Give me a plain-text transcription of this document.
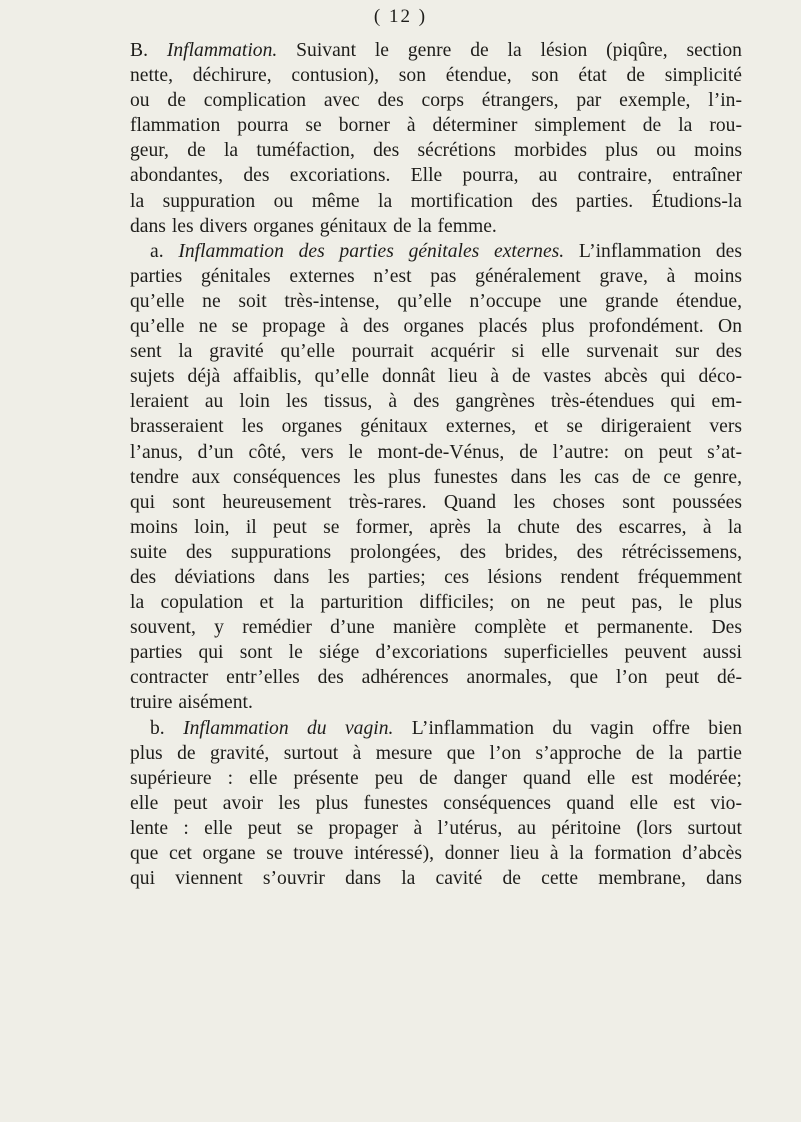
( 12 )
B. Inflammation. Suivant le genre de la lésion (piqûre, section
nette, déchirure, contusion), son étendue, son état de simplicité
ou de complication avec des corps étrangers, par exemple, l’in-
flammation pourra se borner à déterminer simplement de la rou-
geur, de la tuméfaction, des sécrétions morbides plus ou moins
abondantes, des excoriations. Elle pourra, au contraire, entraîner
la suppuration ou même la mortification des parties. Étudions-la
dans les divers organes génitaux de la femme.
a. Inflammation des parties génitales externes. L’inflammation des
parties génitales externes n’est pas généralement grave, à moins
qu’elle ne soit très-intense, qu’elle n’occupe une grande étendue,
qu’elle ne se propage à des organes placés plus profondément. On
sent la gravité qu’elle pourrait acquérir si elle survenait sur des
sujets déjà affaiblis, qu’elle donnât lieu à de vastes abcès qui déco-
leraient au loin les tissus, à des gangrènes très-étendues qui em-
brasseraient les organes génitaux externes, et se dirigeraient vers
l’anus, d’un côté, vers le mont-de-Vénus, de l’autre: on peut s’at-
tendre aux conséquences les plus funestes dans les cas de ce genre,
qui sont heureusement très-rares. Quand les choses sont poussées
moins loin, il peut se former, après la chute des escarres, à la
suite des suppurations prolongées, des brides, des rétrécissemens,
des déviations dans les parties; ces lésions rendent fréquemment
la copulation et la parturition difficiles; on ne peut pas, le plus
souvent, y remédier d’une manière complète et permanente. Des
parties qui sont le siége d’excoriations superficielles peuvent aussi
contracter entr’elles des adhérences anormales, que l’on peut dé-
truire aisément.
b. Inflammation du vagin. L’inflammation du vagin offre bien
plus de gravité, surtout à mesure que l’on s’approche de la partie
supérieure : elle présente peu de danger quand elle est modérée;
elle peut avoir les plus funestes conséquences quand elle est vio-
lente : elle peut se propager à l’utérus, au péritoine (lors surtout
que cet organe se trouve intéressé), donner lieu à la formation d’abcès
qui viennent s’ouvrir dans la cavité de cette membrane, dans
